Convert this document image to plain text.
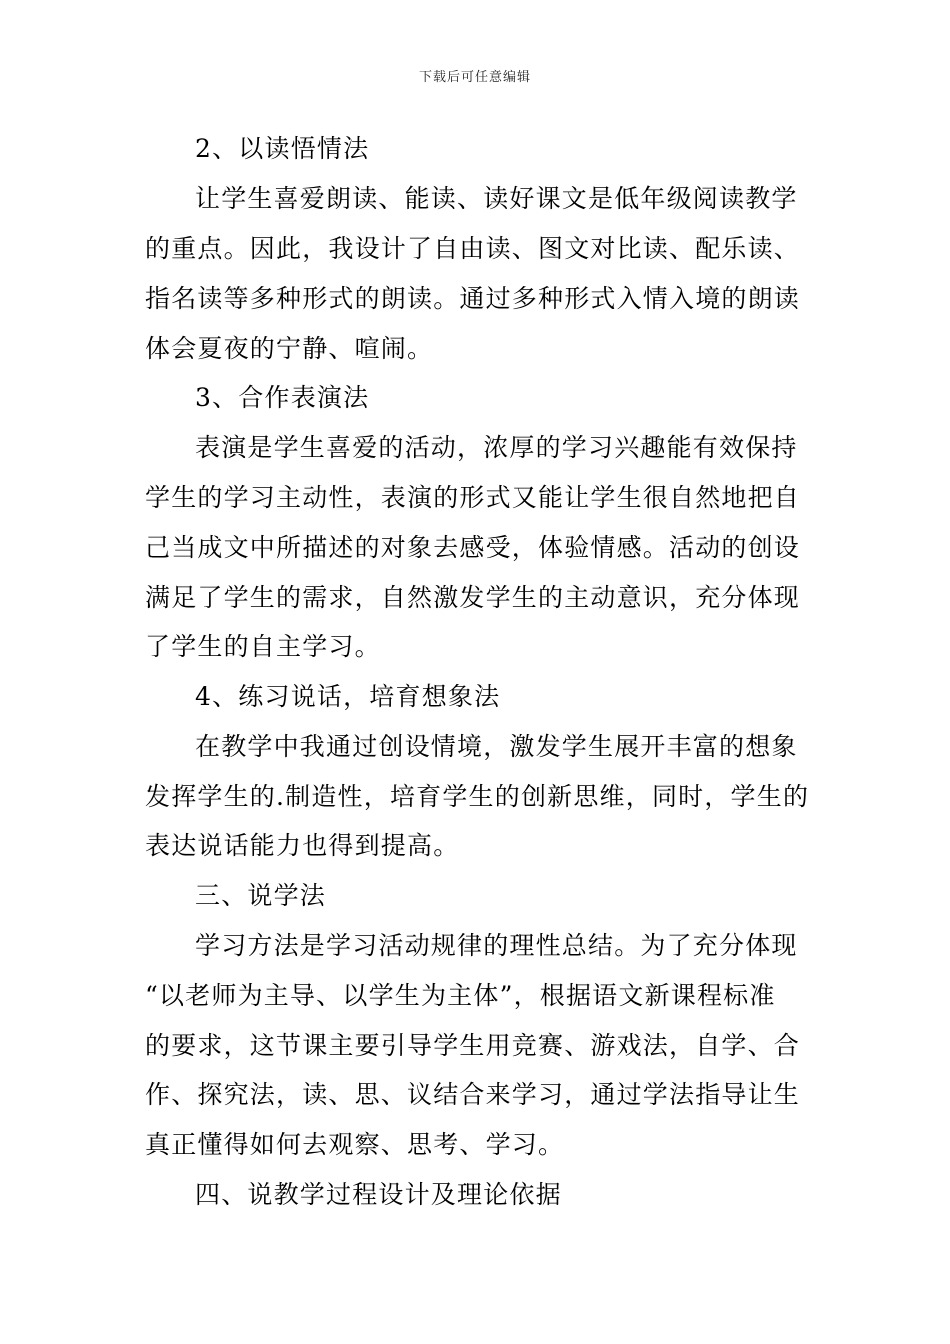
下载后可任意编辑
2、以读悟情法
让学生喜爱朗读、能读、读好课文是低年级阅读教学
的重点。因此，我设计了自由读、图文对比读、配乐读、
指名读等多种形式的朗读。通过多种形式入情入境的朗读
体会夏夜的宁静、喧闹。
3、合作表演法
表演是学生喜爱的活动，浓厚的学习兴趣能有效保持
学生的学习主动性，表演的形式又能让学生很自然地把自
己当成文中所描述的对象去感受，体验情感。活动的创设
满足了学生的需求，自然激发学生的主动意识，充分体现
了学生的自主学习。
4、练习说话，培育想象法
在教学中我通过创设情境，激发学生展开丰富的想象
发挥学生的.制造性，培育学生的创新思维，同时，学生的
表达说话能力也得到提高。
三、说学法
学习方法是学习活动规律的理性总结。为了充分体现
“以老师为主导、以学生为主体”，根据语文新课程标准
的要求，这节课主要引导学生用竞赛、游戏法，自学、合
作、探究法，读、思、议结合来学习，通过学法指导让生
真正懂得如何去观察、思考、学习。
四、说教学过程设计及理论依据
